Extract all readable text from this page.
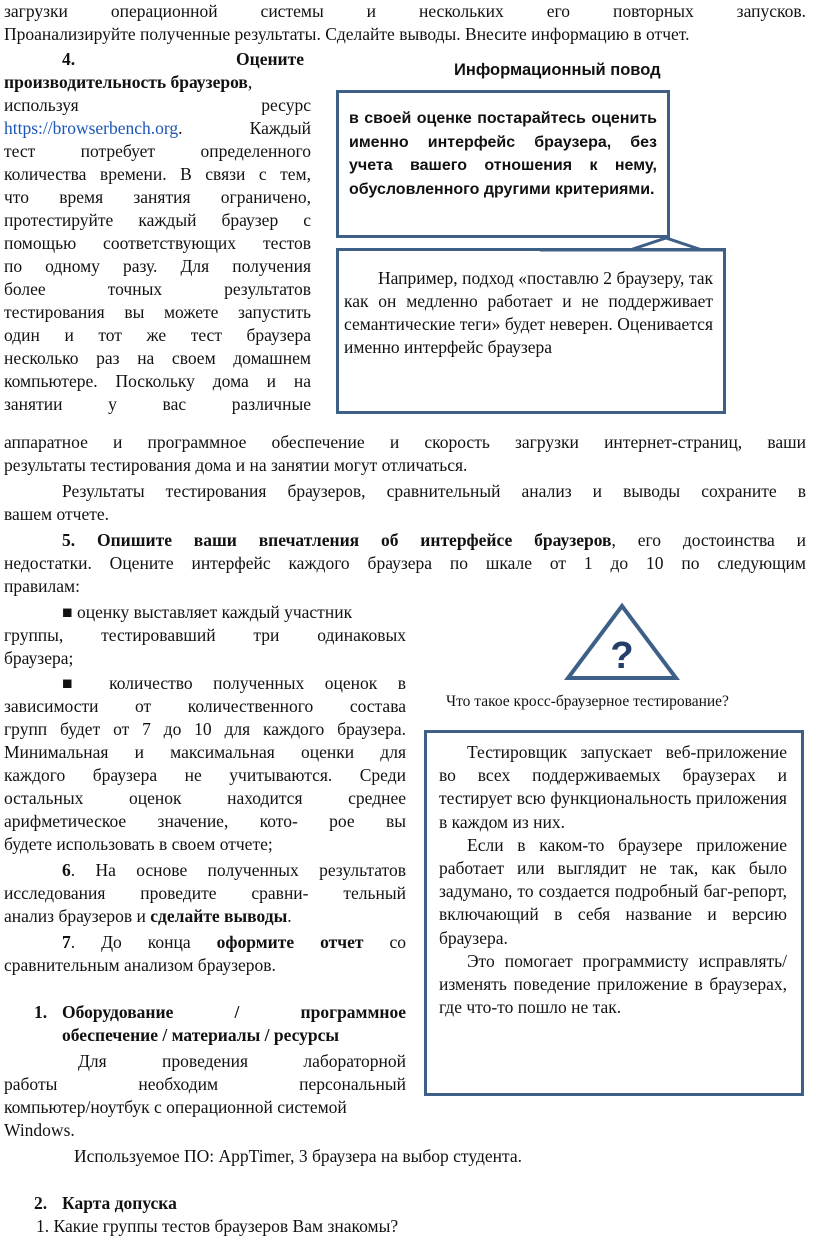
загрузки операционной системы и нескольких его повторных запусков.
Проанализируйте полученные результаты. Сделайте выводы. Внесите информацию в отчет.
4.	Оцените
производительность браузеров,
используя ресурс
https://browserbench.org. Каждый
тест потребует определенного
количества времени. В связи с тем,
что время занятия ограничено,
протестируйте каждый браузер с
помощью соответствующих тестов
по одному разу. Для получения
более точных результатов
тестирования вы можете запустить
один и тот же тест браузера
несколько раз на своем домашнем
компьютере. Поскольку дома и на
занятии у вас различные
Информационный повод

в своей оценке постарайтесь оценить именно интерфейс браузера, без учета вашего отношения к нему, обусловленного другими критериями.

Например, подход «поставлю 2 браузеру, так как он медленно работает и не поддерживает семантические теги» будет неверен. Оценивается именно интерфейс браузера

аппаратное и программное обеспечение и скорость загрузки интернет-страниц, ваши
результаты тестирования дома и на занятии могут отличаться.
Результаты тестирования браузеров, сравнительный анализ и выводы сохраните в
вашем отчете.
5. Опишите ваши впечатления об интерфейсе браузеров, его достоинства и
недостатки. Оцените интерфейс каждого браузера по шкале от 1 до 10 по следующим
правилам:
■ оценку выставляет каждый участник
группы, тестировавший три одинаковых
браузера;
■ количество полученных оценок в
зависимости от количественного состава
групп будет от 7 до 10 для каждого браузера.
Минимальная и максимальная оценки для
каждого браузера не учитываются. Среди
остальных оценок находится среднее
арифметическое значение, кото- рое вы
будете использовать в своем отчете;
6. На основе полученных результатов
исследования проведите сравни- тельный
анализ браузеров и сделайте выводы.
7. До конца оформите отчет со
сравнительным анализом браузеров.
?
Что такое кросс-браузерное тестирование?

Тестировщик запускает веб-приложение во всех поддерживаемых браузерах и тестирует всю функциональность приложения в каждом из них.

Если в каком-то браузере приложение работает или выглядит не так, как было задумано, то создается подробный баг-репорт, включающий в себя название и версию браузера.

Это помогает программисту исправлять/ изменять поведение приложение в браузерах, где что-то пошло не так.

1. Оборудование / программное
обеспечение / материалы / ресурсы
Для проведения лабораторной
работы необходим персональный
компьютер/ноутбук с операционной системой
Windows.
Используемое ПО: AppTimer, 3 браузера на выбор студента.
2. Карта допуска
1. Какие группы тестов браузеров Вам знакомы?
